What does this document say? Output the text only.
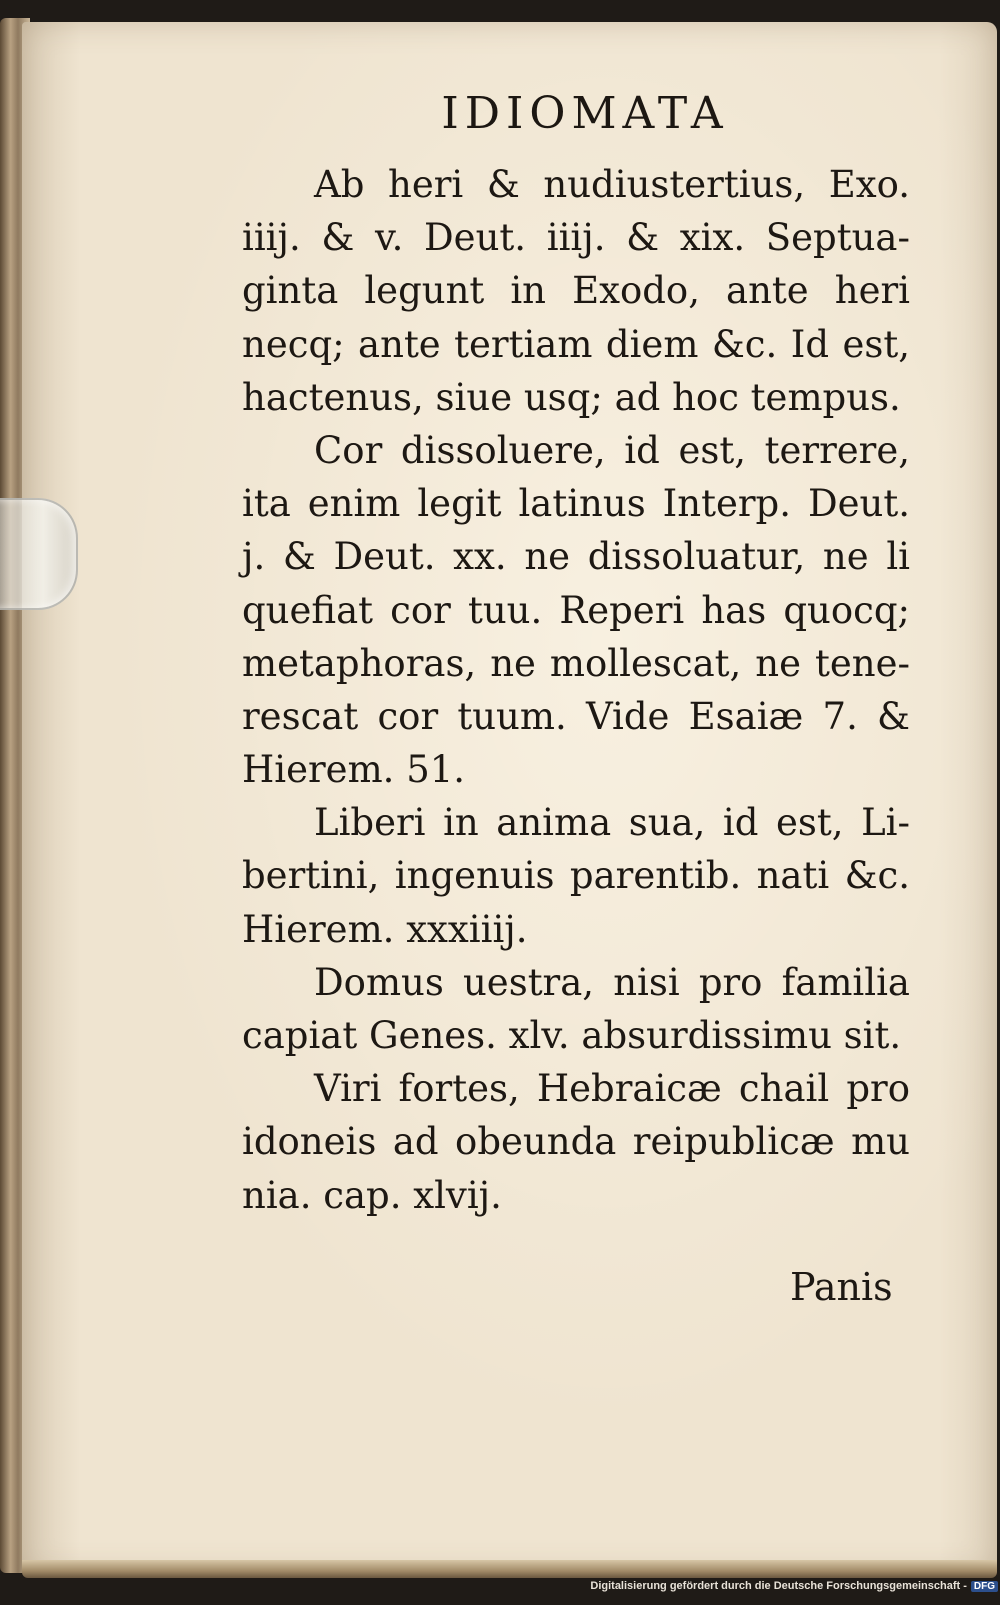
IDIOMATA
Ab heri & nudiustertius, Exo.
iiij. & v. Deut. iiij. & xix. Septua-
ginta legunt in Exodo, ante heri
necq; ante tertiam diem &c. Id est,
hactenus, siue usq; ad hoc tempus.
Cor dissoluere, id est, terrere,
ita enim legit latinus Interp. Deut.
j. & Deut. xx. ne dissoluatur, ne li
quefiat cor tuu. Reperi has quocq;
metaphoras, ne mollescat, ne tene-
rescat cor tuum. Vide Esaiæ 7. &
Hierem. 51.
Liberi in anima sua, id est, Li-
bertini, ingenuis parentib. nati &c.
Hierem. xxxiiij.
Domus uestra, nisi pro familia
capiat Genes. xlv. absurdissimu sit.
Viri fortes, Hebraicæ chail pro
idoneis ad obeunda reipublicæ mu
nia. cap. xlvij.
Panis
Digitalisierung gefördert durch die Deutsche Forschungsgemeinschaft - DFG
